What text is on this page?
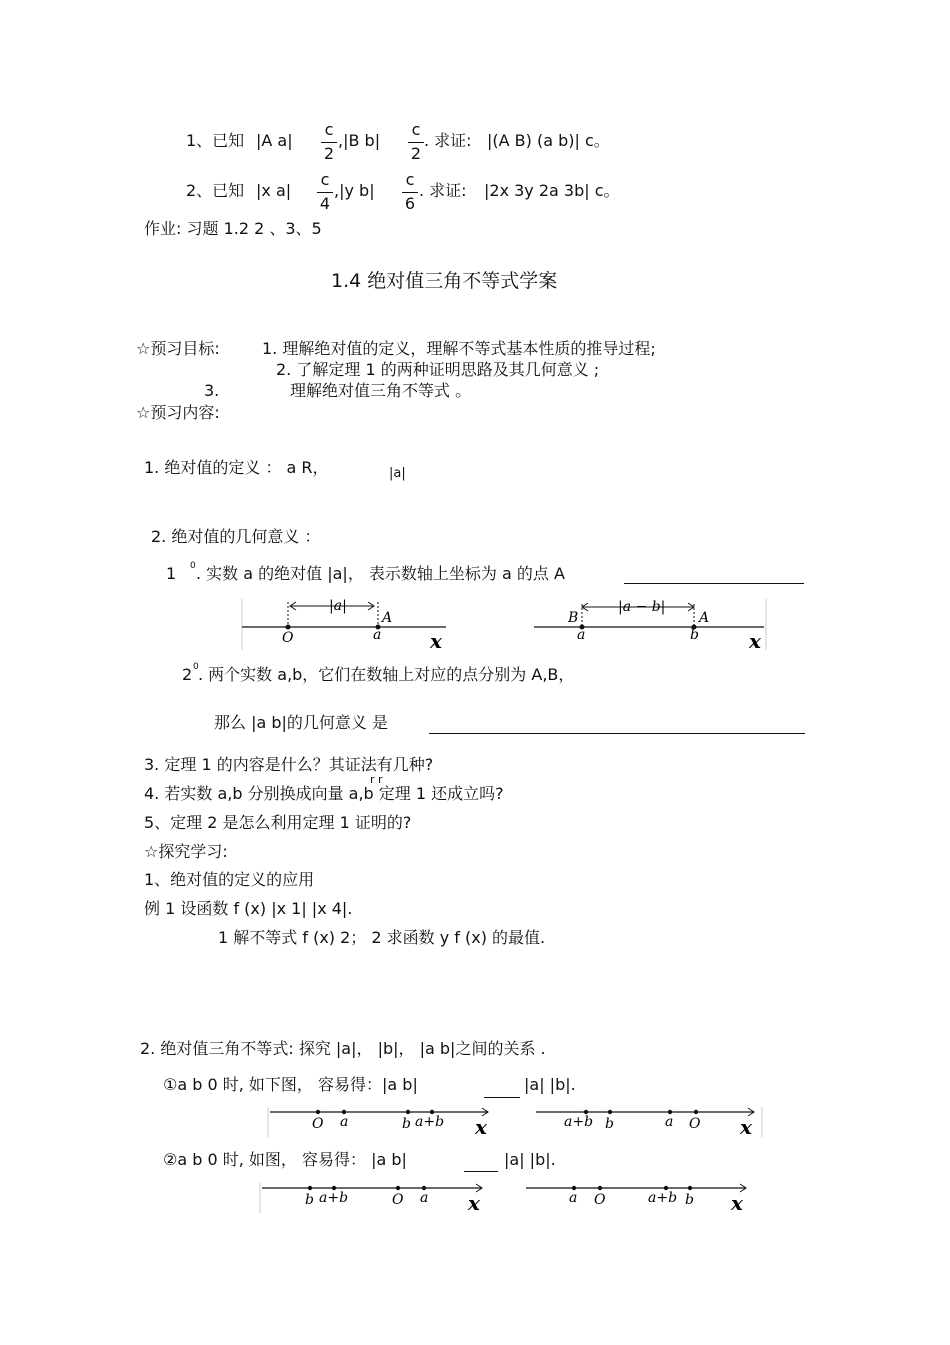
1、已知 |A a|
c
2
,|B b|
c
2
. 求证: |(A B) (a b)| c。
2、已知 |x a|
c
4
,|y b|
c
6
. 求证: |2x 3y 2a 3b| c。
作业: 习题 1.2 2 、3、5
1.4 绝对值三角不等式学案
☆预习目标:	1. 理解绝对值的定义，理解不等式基本性质的推导过程;
2. 了解定理 1 的两种证明思路及其几何意义 ;
3.	理解绝对值三角不等式 。
☆预习内容:
1. 绝对值的定义 ： a R，	|a|
2. 绝对值的几何意义 ：
1 0 . 实数 a 的绝对值 |a|， 表示数轴上坐标为 a 的点 A
|a|
A
O	a x
|a − b|
B	A
a	b	x
2 0 . 两个实数 a,b，它们在数轴上对应的点分别为 A,B，
那么 |a b|的几何意义 是
3. 定理 1 的内容是什么？其证法有几种?
r r
4. 若实数 a,b 分别换成向量 a,b 定理 1 还成立吗?
5、定理 2 是怎么利用定理 1 证明的?
☆探究学习:
1、绝对值的定义的应用
例 1 设函数 f (x) |x 1| |x 4|.
1 解不等式 f (x) 2； 2 求函数 y f (x) 的最值.
2. 绝对值三角不等式: 探究 |a|， |b|， |a b|之间的关系 .
①a b 0 时, 如下图， 容易得：|a b|	|a| |b|.
O a	b a+b x	a+b b	a O x
②a b 0 时, 如图， 容易得： |a b|	|a| |b|.
b a+b	O a x	a O	a+b b x
